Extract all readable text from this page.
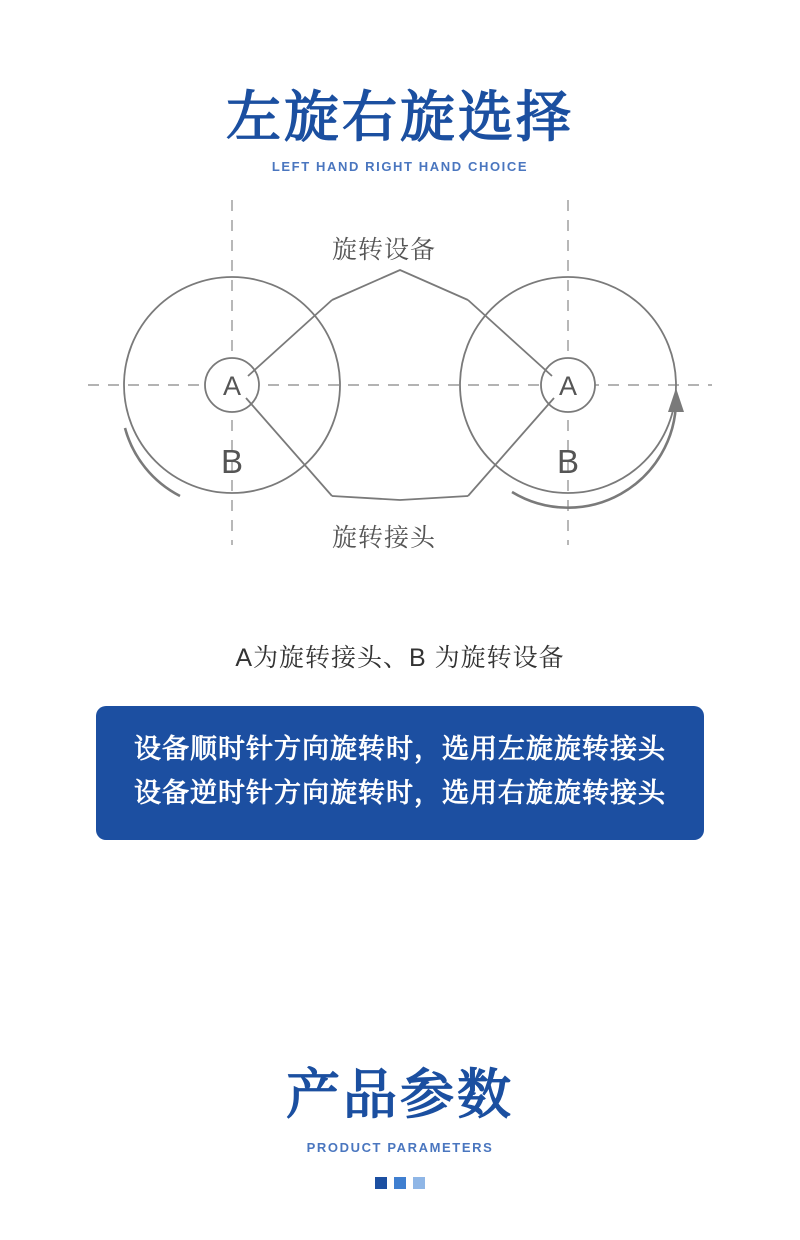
左旋右旋选择
LEFT HAND RIGHT HAND CHOICE
A
B
A
B
旋转设备
旋转接头
A为旋转接头、B 为旋转设备
设备顺时针方向旋转时，选用左旋旋转接头
设备逆时针方向旋转时，选用右旋旋转接头
产品参数
PRODUCT PARAMETERS
